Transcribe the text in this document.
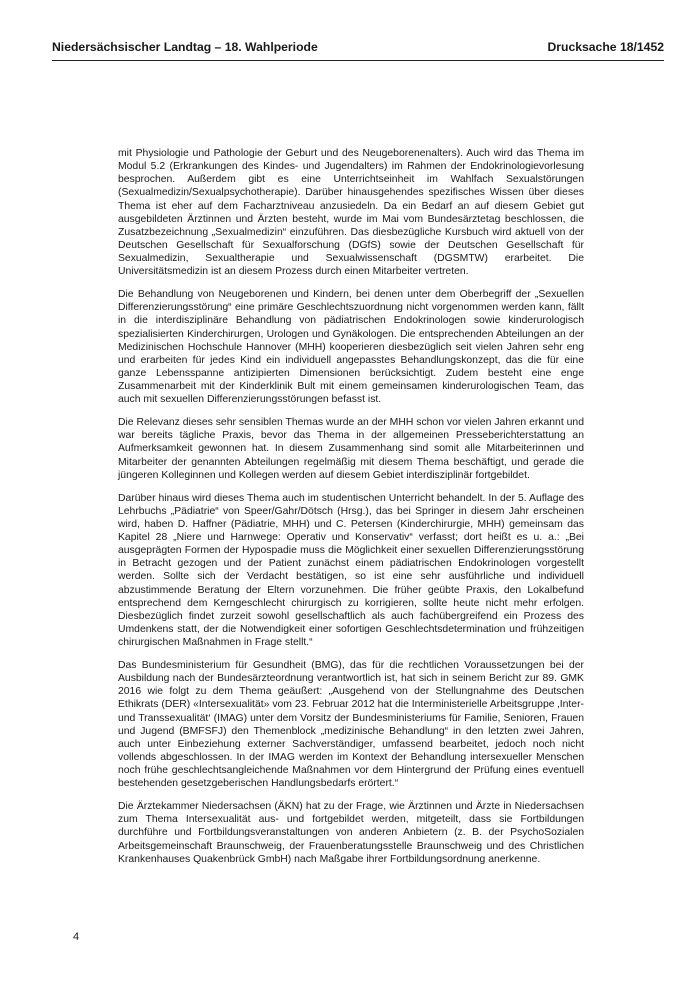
Niedersächsischer Landtag – 18. Wahlperiode	Drucksache 18/1452

mit Physiologie und Pathologie der Geburt und des Neugeborenenalters). Auch wird das Thema im Modul 5.2 (Erkrankungen des Kindes- und Jugendalters) im Rahmen der Endokrinologievorlesung besprochen. Außerdem gibt es eine Unterrichtseinheit im Wahlfach Sexualstörungen (Sexualmedizin/Sexualpsychotherapie). Darüber hinausgehendes spezifisches Wissen über dieses Thema ist eher auf dem Facharztniveau anzusiedeln. Da ein Bedarf an auf diesem Gebiet gut ausgebildeten Ärztinnen und Ärzten besteht, wurde im Mai vom Bundesärztetag beschlossen, die Zusatzbezeichnung „Sexualmedizin“ einzuführen. Das diesbezügliche Kursbuch wird aktuell von der Deutschen Gesellschaft für Sexualforschung (DGfS) sowie der Deutschen Gesellschaft für Sexualmedizin, Sexualtherapie und Sexualwissenschaft (DGSMTW) erarbeitet. Die Universitätsmedizin ist an diesem Prozess durch einen Mitarbeiter vertreten.

Die Behandlung von Neugeborenen und Kindern, bei denen unter dem Oberbegriff der „Sexuellen Differenzierungsstörung“ eine primäre Geschlechtszuordnung nicht vorgenommen werden kann, fällt in die interdisziplinäre Behandlung von pädiatrischen Endokrinologen sowie kinderurologisch spezialisierten Kinderchirurgen, Urologen und Gynäkologen. Die entsprechenden Abteilungen an der Medizinischen Hochschule Hannover (MHH) kooperieren diesbezüglich seit vielen Jahren sehr eng und erarbeiten für jedes Kind ein individuell angepasstes Behandlungskonzept, das die für eine ganze Lebensspanne antizipierten Dimensionen berücksichtigt. Zudem besteht eine enge Zusammenarbeit mit der Kinderklinik Bult mit einem gemeinsamen kinderurologischen Team, das auch mit sexuellen Differenzierungsstörungen befasst ist.

Die Relevanz dieses sehr sensiblen Themas wurde an der MHH schon vor vielen Jahren erkannt und war bereits tägliche Praxis, bevor das Thema in der allgemeinen Presseberichterstattung an Aufmerksamkeit gewonnen hat. In diesem Zusammenhang sind somit alle Mitarbeiterinnen und Mitarbeiter der genannten Abteilungen regelmäßig mit diesem Thema beschäftigt, und gerade die jüngeren Kolleginnen und Kollegen werden auf diesem Gebiet interdisziplinär fortgebildet.

Darüber hinaus wird dieses Thema auch im studentischen Unterricht behandelt. In der 5. Auflage des Lehrbuchs „Pädiatrie“ von Speer/Gahr/Dötsch (Hrsg.), das bei Springer in diesem Jahr erscheinen wird, haben D. Haffner (Pädiatrie, MHH) und C. Petersen (Kinderchirurgie, MHH) gemeinsam das Kapitel 28 „Niere und Harnwege: Operativ und Konservativ“ verfasst; dort heißt es u. a.: „Bei ausgeprägten Formen der Hypospadie muss die Möglichkeit einer sexuellen Differenzierungsstörung in Betracht gezogen und der Patient zunächst einem pädiatrischen Endokrinologen vorgestellt werden. Sollte sich der Verdacht bestätigen, so ist eine sehr ausführliche und individuell abzustimmende Beratung der Eltern vorzunehmen. Die früher geübte Praxis, den Lokalbefund entsprechend dem Kerngeschlecht chirurgisch zu korrigieren, sollte heute nicht mehr erfolgen. Diesbezüglich findet zurzeit sowohl gesellschaftlich als auch fachübergreifend ein Prozess des Umdenkens statt, der die Notwendigkeit einer sofortigen Geschlechtsdetermination und frühzeitigen chirurgischen Maßnahmen in Frage stellt.“

Das Bundesministerium für Gesundheit (BMG), das für die rechtlichen Voraussetzungen bei der Ausbildung nach der Bundesärzteordnung verantwortlich ist, hat sich in seinem Bericht zur 89. GMK 2016 wie folgt zu dem Thema geäußert: „Ausgehend von der Stellungnahme des Deutschen Ethikrats (DER) «Intersexualität» vom 23. Februar 2012 hat die Interministerielle Arbeitsgruppe ‚Inter- und Transsexualität‘ (IMAG) unter dem Vorsitz der Bundesministeriums für Familie, Senioren, Frauen und Jugend (BMFSFJ) den Themenblock „medizinische Behandlung“ in den letzten zwei Jahren, auch unter Einbeziehung externer Sachverständiger, umfassend bearbeitet, jedoch noch nicht vollends abgeschlossen. In der IMAG werden im Kontext der Behandlung intersexueller Menschen noch frühe geschlechtsangleichende Maßnahmen vor dem Hintergrund der Prüfung eines eventuell bestehenden gesetzgeberischen Handlungsbedarfs erörtert.“

Die Ärztekammer Niedersachsen (ÄKN) hat zu der Frage, wie Ärztinnen und Ärzte in Niedersachsen zum Thema Intersexualität aus- und fortgebildet werden, mitgeteilt, dass sie Fortbildungen durchführe und Fortbildungsveranstaltungen von anderen Anbietern (z. B. der PsychoSozialen Arbeitsgemeinschaft Braunschweig, der Frauenberatungsstelle Braunschweig und des Christlichen Krankenhauses Quakenbrück GmbH) nach Maßgabe ihrer Fortbildungsordnung anerkenne.

4
